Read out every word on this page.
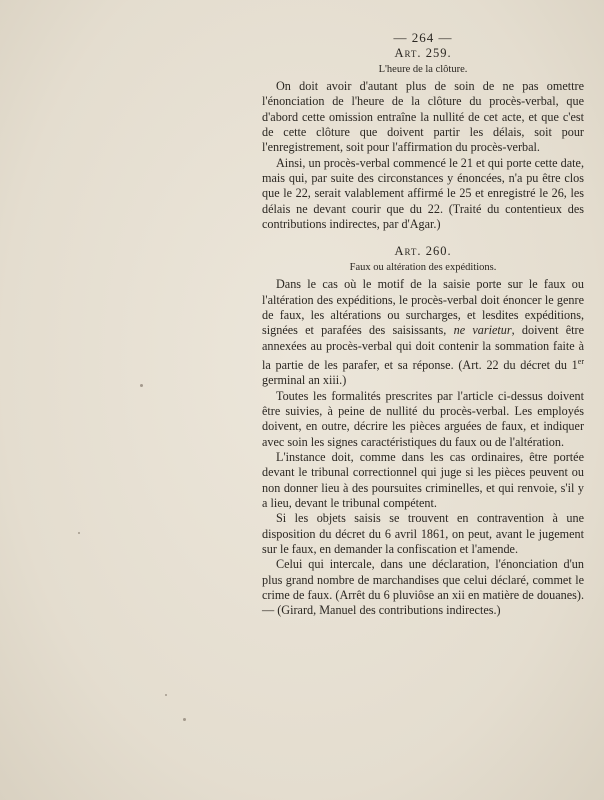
— 264 —
Art. 259.
L'heure de la clôture.

On doit avoir d'autant plus de soin de ne pas omettre l'énonciation de l'heure de la clôture du procès-verbal, que d'abord cette omission entraîne la nullité de cet acte, et que c'est de cette clôture que doivent partir les délais, soit pour l'enregistrement, soit pour l'affirmation du procès-verbal.

Ainsi, un procès-verbal commencé le 21 et qui porte cette date, mais qui, par suite des circonstances y énoncées, n'a pu être clos que le 22, serait valablement affirmé le 25 et enregistré le 26, les délais ne devant courir que du 22. (Traité du contentieux des contributions indirectes, par d'Agar.)

Art. 260.
Faux ou altération des expéditions.

Dans le cas où le motif de la saisie porte sur le faux ou l'altération des expéditions, le procès-verbal doit énoncer le genre de faux, les altérations ou surcharges, et lesdites expéditions, signées et parafées des saisissants, ne varietur, doivent être annexées au procès-verbal qui doit contenir la sommation faite à la partie de les parafer, et sa réponse. (Art. 22 du décret du 1er germinal an xiii.)

Toutes les formalités prescrites par l'article ci-dessus doivent être suivies, à peine de nullité du procès-verbal. Les employés doivent, en outre, décrire les pièces arguées de faux, et indiquer avec soin les signes caractéristiques du faux ou de l'altération.

L'instance doit, comme dans les cas ordinaires, être portée devant le tribunal correctionnel qui juge si les pièces peuvent ou non donner lieu à des poursuites criminelles, et qui renvoie, s'il y a lieu, devant le tribunal compétent.

Si les objets saisis se trouvent en contravention à une disposition du décret du 6 avril 1861, on peut, avant le jugement sur le faux, en demander la confiscation et l'amende.

Celui qui intercale, dans une déclaration, l'énonciation d'un plus grand nombre de marchandises que celui déclaré, commet le crime de faux. (Arrêt du 6 pluviôse an xii en matière de douanes). — (Girard, Manuel des contributions indirectes.)
